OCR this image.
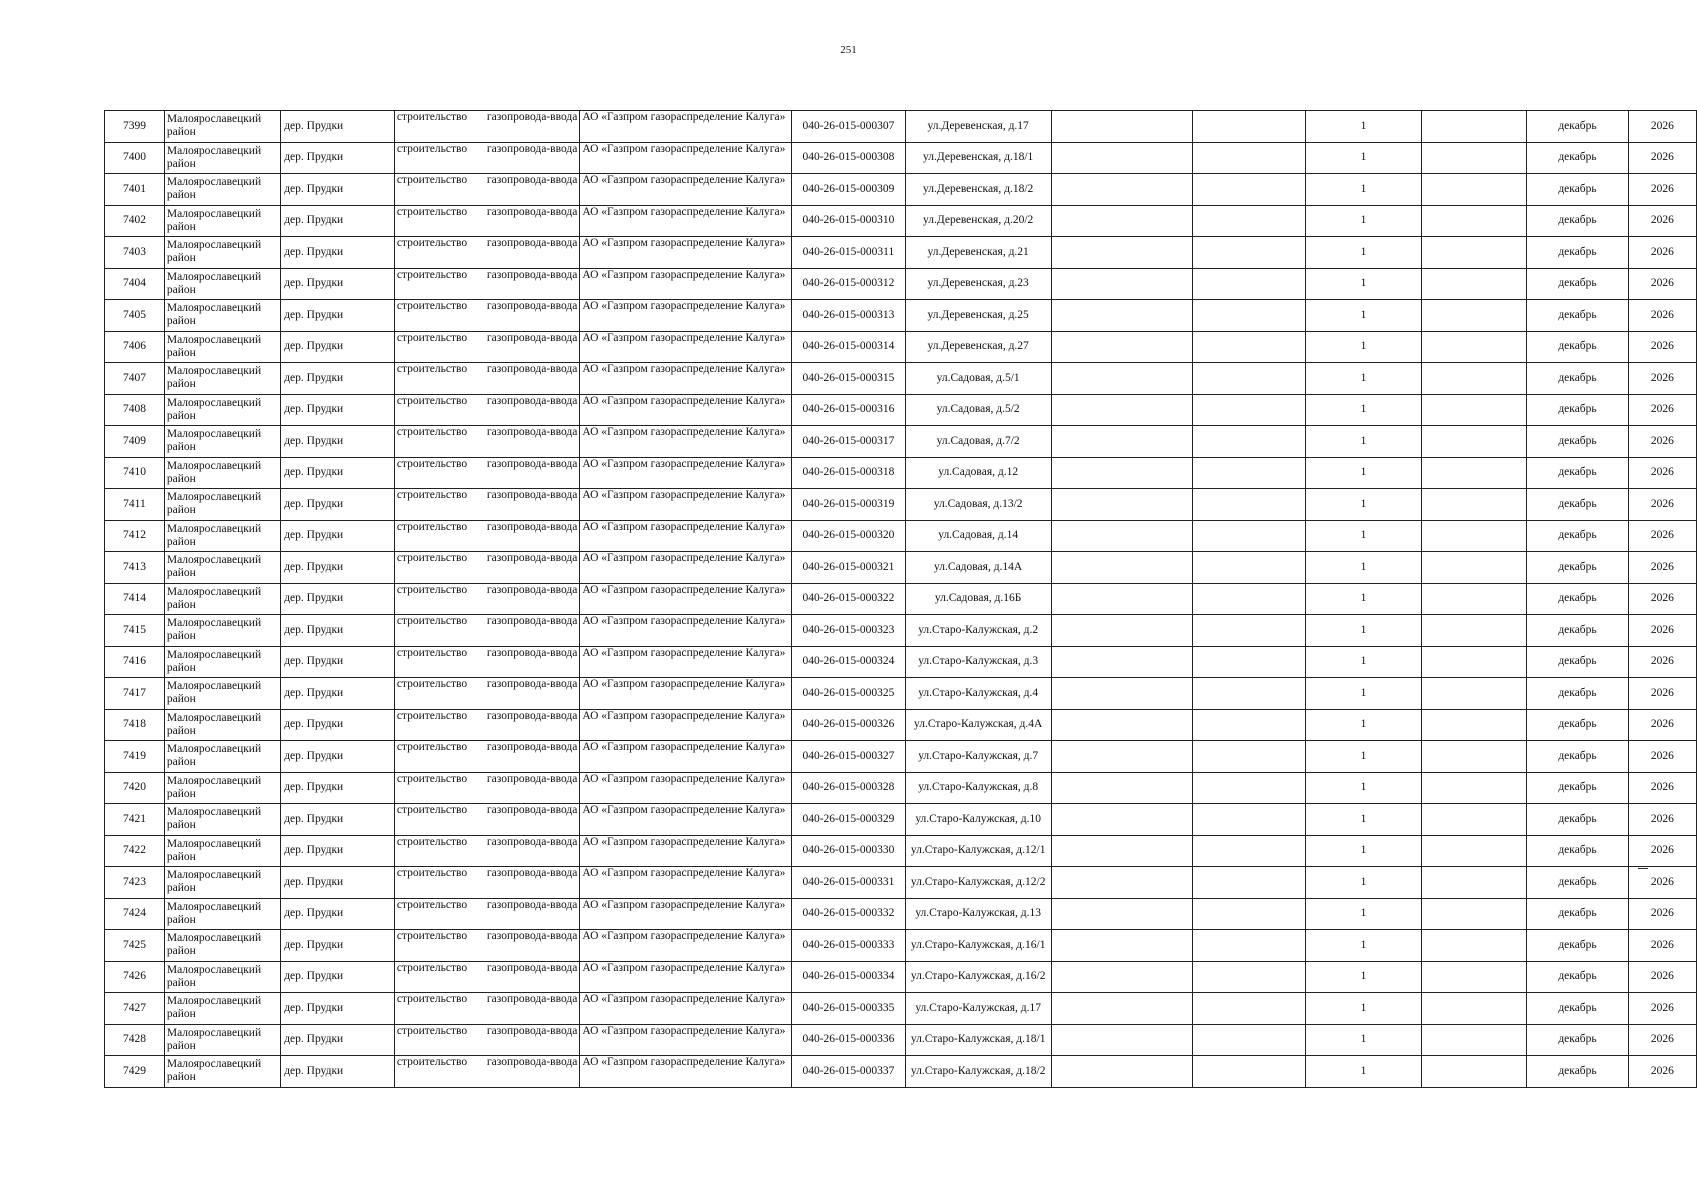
251
7399	Малоярославецкий район	дер. Прудки	строительство газопровода-ввода	АО «Газпром газораспределение Калуга»	040-26-015-000307	ул.Деревенская, д.17			1		декабрь	2026
7400	Малоярославецкий район	дер. Прудки	строительство газопровода-ввода	АО «Газпром газораспределение Калуга»	040-26-015-000308	ул.Деревенская, д.18/1			1		декабрь	2026
7401	Малоярославецкий район	дер. Прудки	строительство газопровода-ввода	АО «Газпром газораспределение Калуга»	040-26-015-000309	ул.Деревенская, д.18/2			1		декабрь	2026
7402	Малоярославецкий район	дер. Прудки	строительство газопровода-ввода	АО «Газпром газораспределение Калуга»	040-26-015-000310	ул.Деревенская, д.20/2			1		декабрь	2026
7403	Малоярославецкий район	дер. Прудки	строительство газопровода-ввода	АО «Газпром газораспределение Калуга»	040-26-015-000311	ул.Деревенская, д.21			1		декабрь	2026
7404	Малоярославецкий район	дер. Прудки	строительство газопровода-ввода	АО «Газпром газораспределение Калуга»	040-26-015-000312	ул.Деревенская, д.23			1		декабрь	2026
7405	Малоярославецкий район	дер. Прудки	строительство газопровода-ввода	АО «Газпром газораспределение Калуга»	040-26-015-000313	ул.Деревенская, д.25			1		декабрь	2026
7406	Малоярославецкий район	дер. Прудки	строительство газопровода-ввода	АО «Газпром газораспределение Калуга»	040-26-015-000314	ул.Деревенская, д.27			1		декабрь	2026
7407	Малоярославецкий район	дер. Прудки	строительство газопровода-ввода	АО «Газпром газораспределение Калуга»	040-26-015-000315	ул.Садовая, д.5/1			1		декабрь	2026
7408	Малоярославецкий район	дер. Прудки	строительство газопровода-ввода	АО «Газпром газораспределение Калуга»	040-26-015-000316	ул.Садовая, д.5/2			1		декабрь	2026
7409	Малоярославецкий район	дер. Прудки	строительство газопровода-ввода	АО «Газпром газораспределение Калуга»	040-26-015-000317	ул.Садовая, д.7/2			1		декабрь	2026
7410	Малоярославецкий район	дер. Прудки	строительство газопровода-ввода	АО «Газпром газораспределение Калуга»	040-26-015-000318	ул.Садовая, д.12			1		декабрь	2026
7411	Малоярославецкий район	дер. Прудки	строительство газопровода-ввода	АО «Газпром газораспределение Калуга»	040-26-015-000319	ул.Садовая, д.13/2			1		декабрь	2026
7412	Малоярославецкий район	дер. Прудки	строительство газопровода-ввода	АО «Газпром газораспределение Калуга»	040-26-015-000320	ул.Садовая, д.14			1		декабрь	2026
7413	Малоярославецкий район	дер. Прудки	строительство газопровода-ввода	АО «Газпром газораспределение Калуга»	040-26-015-000321	ул.Садовая, д.14А			1		декабрь	2026
7414	Малоярославецкий район	дер. Прудки	строительство газопровода-ввода	АО «Газпром газораспределение Калуга»	040-26-015-000322	ул.Садовая, д.16Б			1		декабрь	2026
7415	Малоярославецкий район	дер. Прудки	строительство газопровода-ввода	АО «Газпром газораспределение Калуга»	040-26-015-000323	ул.Старо-Калужская, д.2			1		декабрь	2026
7416	Малоярославецкий район	дер. Прудки	строительство газопровода-ввода	АО «Газпром газораспределение Калуга»	040-26-015-000324	ул.Старо-Калужская, д.3			1		декабрь	2026
7417	Малоярославецкий район	дер. Прудки	строительство газопровода-ввода	АО «Газпром газораспределение Калуга»	040-26-015-000325	ул.Старо-Калужская, д.4			1		декабрь	2026
7418	Малоярославецкий район	дер. Прудки	строительство газопровода-ввода	АО «Газпром газораспределение Калуга»	040-26-015-000326	ул.Старо-Калужская, д.4А			1		декабрь	2026
7419	Малоярославецкий район	дер. Прудки	строительство газопровода-ввода	АО «Газпром газораспределение Калуга»	040-26-015-000327	ул.Старо-Калужская, д.7			1		декабрь	2026
7420	Малоярославецкий район	дер. Прудки	строительство газопровода-ввода	АО «Газпром газораспределение Калуга»	040-26-015-000328	ул.Старо-Калужская, д.8			1		декабрь	2026
7421	Малоярославецкий район	дер. Прудки	строительство газопровода-ввода	АО «Газпром газораспределение Калуга»	040-26-015-000329	ул.Старо-Калужская, д.10			1		декабрь	2026
7422	Малоярославецкий район	дер. Прудки	строительство газопровода-ввода	АО «Газпром газораспределение Калуга»	040-26-015-000330	ул.Старо-Калужская, д.12/1			1		декабрь	2026
7423	Малоярославецкий район	дер. Прудки	строительство газопровода-ввода	АО «Газпром газораспределение Калуга»	040-26-015-000331	ул.Старо-Калужская, д.12/2			1		декабрь	2026
7424	Малоярославецкий район	дер. Прудки	строительство газопровода-ввода	АО «Газпром газораспределение Калуга»	040-26-015-000332	ул.Старо-Калужская, д.13			1		декабрь	2026
7425	Малоярославецкий район	дер. Прудки	строительство газопровода-ввода	АО «Газпром газораспределение Калуга»	040-26-015-000333	ул.Старо-Калужская, д.16/1			1		декабрь	2026
7426	Малоярославецкий район	дер. Прудки	строительство газопровода-ввода	АО «Газпром газораспределение Калуга»	040-26-015-000334	ул.Старо-Калужская, д.16/2			1		декабрь	2026
7427	Малоярославецкий район	дер. Прудки	строительство газопровода-ввода	АО «Газпром газораспределение Калуга»	040-26-015-000335	ул.Старо-Калужская, д.17			1		декабрь	2026
7428	Малоярославецкий район	дер. Прудки	строительство газопровода-ввода	АО «Газпром газораспределение Калуга»	040-26-015-000336	ул.Старо-Калужская, д.18/1			1		декабрь	2026
7429	Малоярославецкий район	дер. Прудки	строительство газопровода-ввода	АО «Газпром газораспределение Калуга»	040-26-015-000337	ул.Старо-Калужская, д.18/2			1		декабрь	2026
